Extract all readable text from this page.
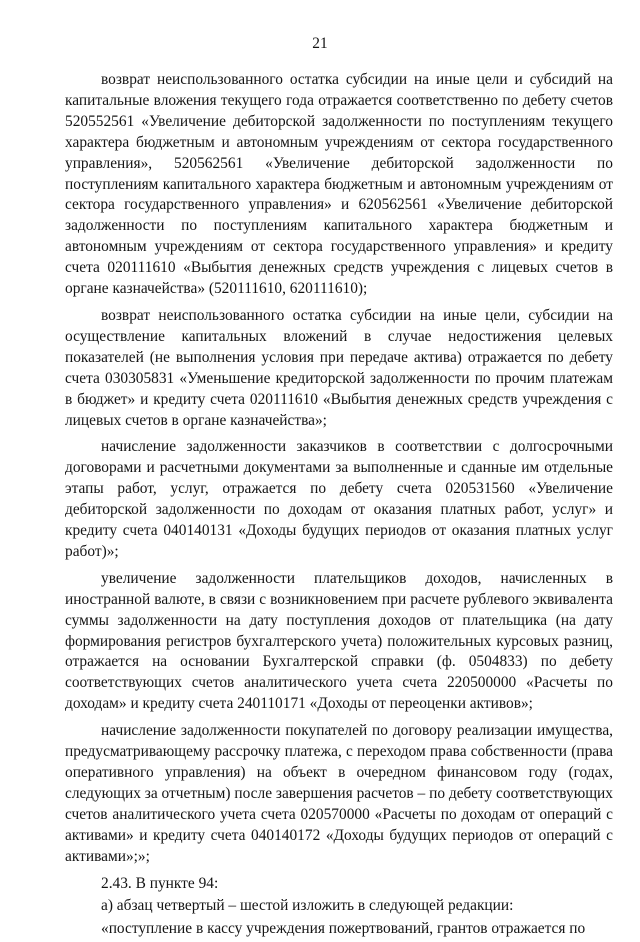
21

возврат неиспользованного остатка субсидии на иные цели и субсидий на капитальные вложения текущего года отражается соответственно по дебету счетов 520552561 «Увеличение дебиторской задолженности по поступлениям текущего характера бюджетным и автономным учреждениям от сектора государственного управления», 520562561 «Увеличение дебиторской задолженности по поступлениям капитального характера бюджетным и автономным учреждениям от сектора государственного управления» и 620562561 «Увеличение дебиторской задолженности по поступлениям капитального характера бюджетным и автономным учреждениям от сектора государственного управления» и кредиту счета 020111610 «Выбытия денежных средств учреждения с лицевых счетов в органе казначейства» (520111610, 620111610);

возврат неиспользованного остатка субсидии на иные цели, субсидии на осуществление капитальных вложений в случае недостижения целевых показателей (не выполнения условия при передаче актива) отражается по дебету счета 030305831 «Уменьшение кредиторской задолженности по прочим платежам в бюджет» и кредиту счета 020111610 «Выбытия денежных средств учреждения с лицевых счетов в органе казначейства»;

начисление задолженности заказчиков в соответствии с долгосрочными договорами и расчетными документами за выполненные и сданные им отдельные этапы работ, услуг, отражается по дебету счета 020531560 «Увеличение дебиторской задолженности по доходам от оказания платных работ, услуг» и кредиту счета 040140131 «Доходы будущих периодов от оказания платных услуг работ)»;

увеличение задолженности плательщиков доходов, начисленных в иностранной валюте, в связи с возникновением при расчете рублевого эквивалента суммы задолженности на дату поступления доходов от плательщика (на дату формирования регистров бухгалтерского учета) положительных курсовых разниц, отражается на основании Бухгалтерской справки (ф. 0504833) по дебету соответствующих счетов аналитического учета счета 220500000 «Расчеты по доходам» и кредиту счета 240110171 «Доходы от переоценки активов»;

начисление задолженности покупателей по договору реализации имущества, предусматривающему рассрочку платежа, с переходом права собственности (права оперативного управления) на объект в очередном финансовом году (годах, следующих за отчетным) после завершения расчетов – по дебету соответствующих счетов аналитического учета счета 020570000 «Расчеты по доходам от операций с активами» и кредиту счета 040140172 «Доходы будущих периодов от операций с активами»;»;

2.43. В пункте 94:

а) абзац четвертый – шестой изложить в следующей редакции:

«поступление в кассу учреждения пожертвований, грантов отражается по
